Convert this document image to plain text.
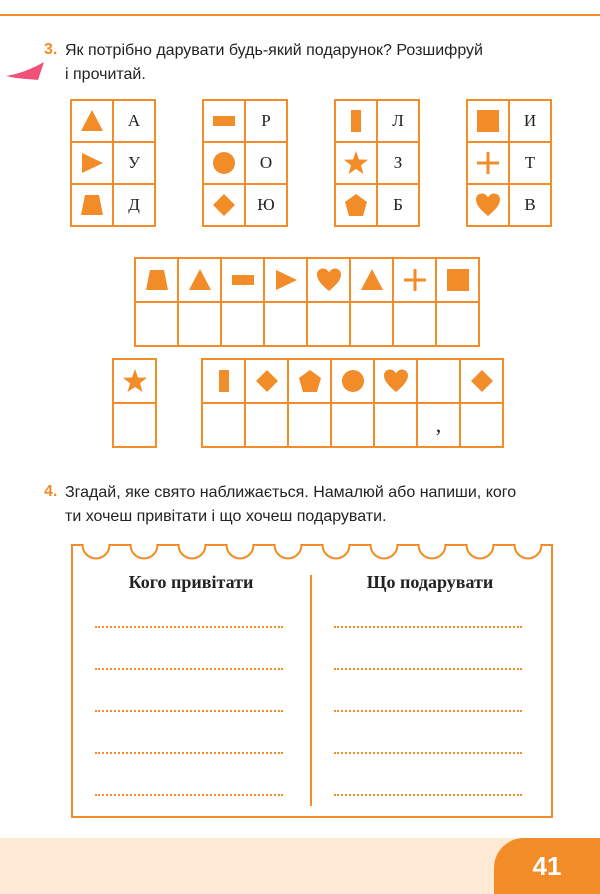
3. Як потрібно дарувати будь-який подарунок? Розшифруй
і прочитай.
	А

	У

	Д
	Р

	О

	Ю
	Л

	З

	Б
	И

	Т

	В

					,	
4. Згадай, яке свято наближається. Намалюй або напиши, кого
ти хочеш привітати і що хочеш подарувати.
Кого привітати	Що подарувати
41
